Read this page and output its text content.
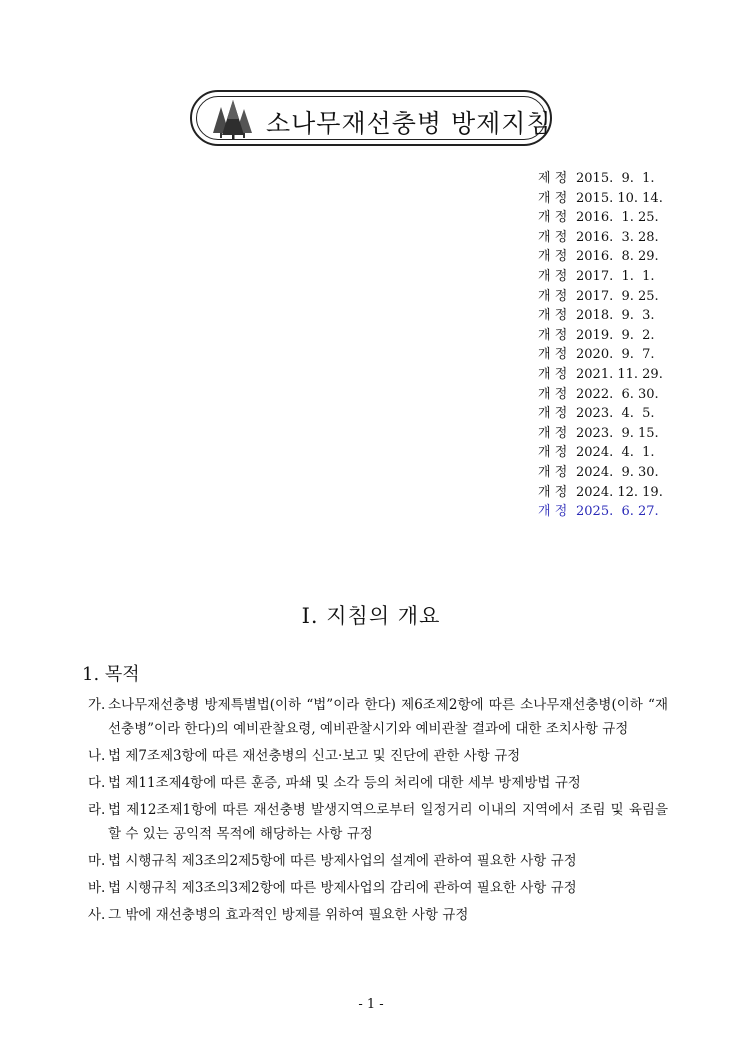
소나무재선충병 방제지침
제 정 2015.  9.  1.
개 정 2015. 10. 14.
개 정 2016.  1. 25.
개 정 2016.  3. 28.
개 정 2016.  8. 29.
개 정 2017.  1.  1.
개 정 2017.  9. 25.
개 정 2018.  9.  3.
개 정 2019.  9.  2.
개 정 2020.  9.  7.
개 정 2021. 11. 29.
개 정 2022.  6. 30.
개 정 2023.  4.  5.
개 정 2023.  9. 15.
개 정 2024.  4.  1.
개 정 2024.  9. 30.
개 정 2024. 12. 19.
개 정 2025.  6. 27.
Ⅰ. 지침의 개요
1. 목적
가. 소나무재선충병 방제특별법(이하 “법”이라 한다) 제6조제2항에 따른 소나무재선충병(이하 “재선충병”이라 한다)의 예비관찰요령, 예비관찰시기와 예비관찰 결과에 대한 조치사항 규정
나. 법 제7조제3항에 따른 재선충병의 신고·보고 및 진단에 관한 사항 규정
다. 법 제11조제4항에 따른 훈증, 파쇄 및 소각 등의 처리에 대한 세부 방제방법 규정
라. 법 제12조제1항에 따른 재선충병 발생지역으로부터 일정거리 이내의 지역에서 조림 및 육림을 할 수 있는 공익적 목적에 해당하는 사항 규정
마. 법 시행규칙 제3조의2제5항에 따른 방제사업의 설계에 관하여 필요한 사항 규정
바. 법 시행규칙 제3조의3제2항에 따른 방제사업의 감리에 관하여 필요한 사항 규정
사. 그 밖에 재선충병의 효과적인 방제를 위하여 필요한 사항 규정
- 1 -
